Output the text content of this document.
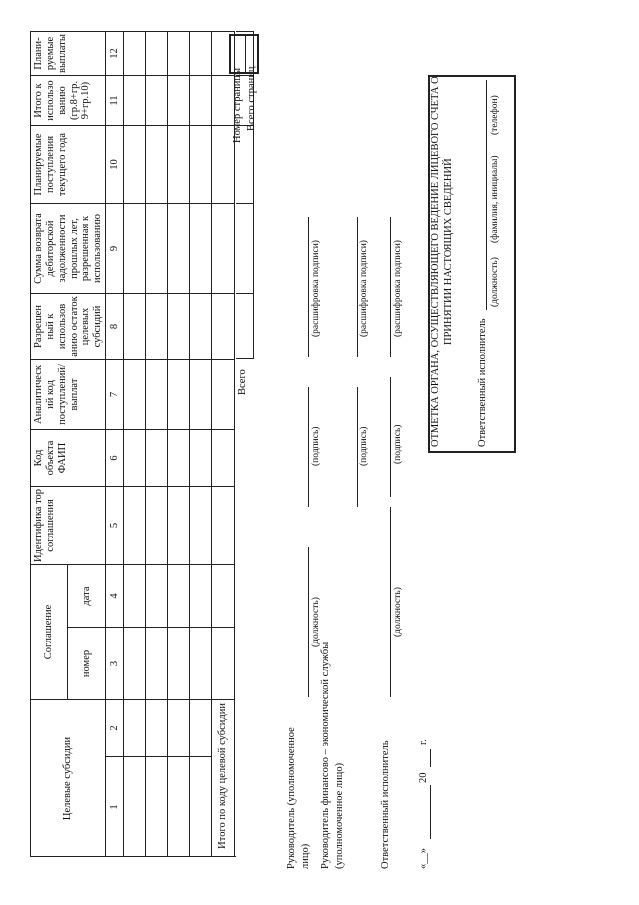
Целевые субсидии
Соглашение
Идентифика тор соглашения
Код объекта ФАИП
Аналитическ ий код поступлений/ выплат
Разрешен ный к использов анию остаток целевых субсидий
Сумма возврата дебиторской задолженности прошлых лет, разрешенная к использованию
Планируемые поступления текущего года
Итого к использо ванию (гр.8+гр. 9+гр.10)
Плани- руемые выплаты
номер
дата
1
2
3
4
5
6
7
8
9
10
11
12
Итого по коду целевой субсидии
Всего
Номер страницы Всего страниц
Руководитель (уполномоченное лицо)
(должность)
(подпись)
(расшифровка подписи)
Руководитель финансово – экономической службы (уполномоченное лицо)
(подпись)
(расшифровка подписи)
Ответственный исполнитель
(должность)
(подпись)
(расшифровка подписи)
«__»
20
г.
ОТМЕТКА ОРГАНА, ОСУЩЕСТВЛЯЮЩЕГО ВЕДЕНИЕ ЛИЦЕВОГО СЧЕТА О ПРИНЯТИИ НАСТОЯЩИХ СВЕДЕНИЙ
Ответственный исполнитель
(должность)
(фамилия, инициалы)
(телефон)
